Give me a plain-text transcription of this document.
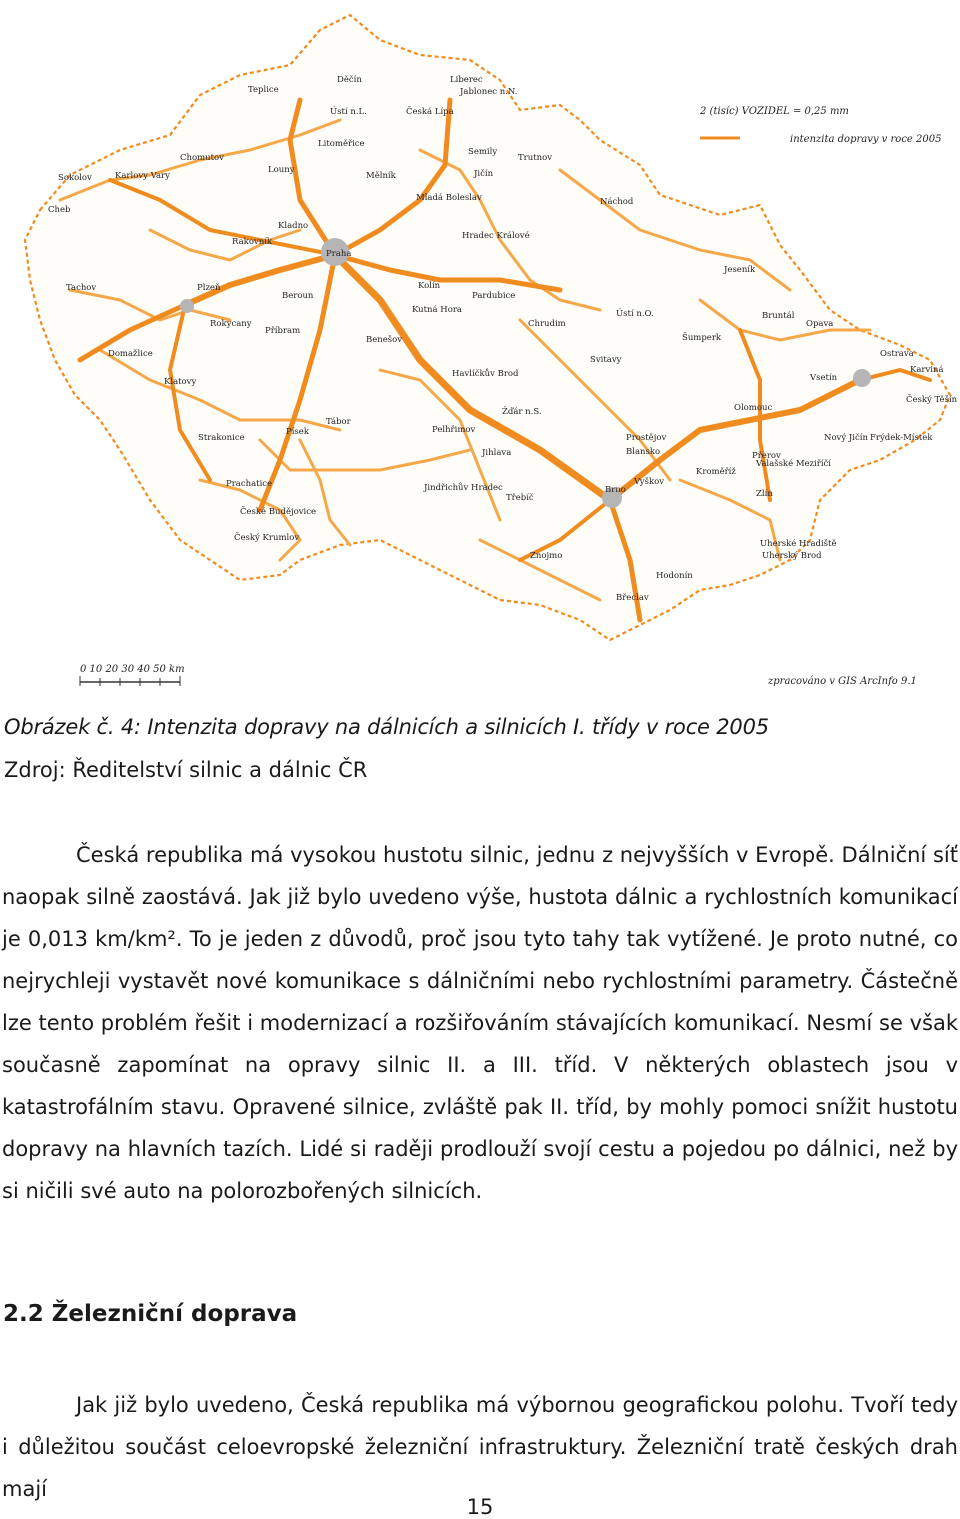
Praha
Brno
Ostrava
Plzeň
Liberec
Jablonec n.N.
Teplice
Ústí n.L.
Děčín
Česká Lípa
Chomutov
Karlovy Vary
Sokolov
Cheb
Tachov
Rokycany
Příbram
Beroun
Kladno
Rakovník
Louny
Litoměřice
Mělník
Mladá Boleslav
Semily
Jičín
Trutnov
Náchod
Hradec Králové
Pardubice
Kolín
Kutná Hora
Chrudim
Ústí n.O.
Svitavy
Šumperk
Jeseník
Bruntál
Opava
Karviná
Český Těšín
Frýdek-Místek
Nový Jičín
Přerov
Olomouc
Prostějov
Vyškov
Kroměříž
Zlín
Uherské Hradiště
Uherský Brod
Hodonín
Břeclav
Znojmo
Třebíč
Jihlava
Žďár n.S.
Havlíčkův Brod
Pelhřimov
Jindřichův Hradec
Tábor
Písek
Strakonice
Prachatice
České Budějovice
Český Krumlov
Klatovy
Domažlice
Benešov
Blansko
Vsetín
Valašské Meziříčí
2 (tisíc) VOZIDEL = 0,25 mm
intenzita dopravy v roce 2005
0 10 20 30 40 50 km
zpracováno v GIS ArcInfo 9.1
Obrázek č. 4: Intenzita dopravy na dálnicích a silnicích I. třídy v roce 2005
Zdroj: Ředitelství silnic a dálnic ČR

Česká republika má vysokou hustotu silnic, jednu z nejvyšších v Evropě. Dálniční síť naopak silně zaostává. Jak již bylo uvedeno výše, hustota dálnic a rychlostních komunikací je 0,013 km/km². To je jeden z důvodů, proč jsou tyto tahy tak vytížené. Je proto nutné, co nejrychleji vystavět nové komunikace s dálničními nebo rychlostními parametry. Částečně lze tento problém řešit i modernizací a rozšiřováním stávajících komunikací. Nesmí se však současně zapomínat na opravy silnic II. a III. tříd. V některých oblastech jsou v katastrofálním stavu. Opravené silnice, zvláště pak II. tříd, by mohly pomoci snížit hustotu dopravy na hlavních tazích. Lidé si raději prodlouží svojí cestu a pojedou po dálnici, než by si ničili své auto na polorozbořených silnicích.

2.2 Železniční doprava

Jak již bylo uvedeno, Česká republika má výbornou geografickou polohu. Tvoří tedy i důležitou součást celoevropské železniční infrastruktury. Železniční tratě českých drah mají

15
